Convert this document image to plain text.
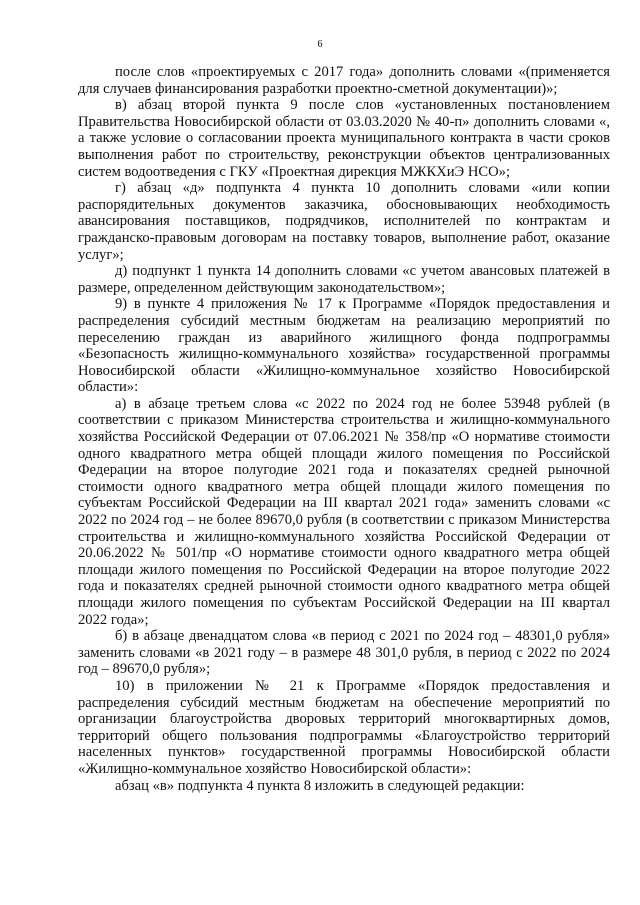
6

после слов «проектируемых с 2017 года» дополнить словами «(применяется для случаев финансирования разработки проектно-сметной документации)»;

в) абзац второй пункта 9 после слов «установленных постановлением Правительства Новосибирской области от 03.03.2020 № 40-п» дополнить словами «, а также условие о согласовании проекта муниципального контракта в части сроков выполнения работ по строительству, реконструкции объектов централизованных систем водоотведения с ГКУ «Проектная дирекция МЖКХиЭ НСО»;

г) абзац «д» подпункта 4 пункта 10 дополнить словами «или копии распорядительных документов заказчика, обосновывающих необходимость авансирования поставщиков, подрядчиков, исполнителей по контрактам и гражданско-правовым договорам на поставку товаров, выполнение работ, оказание услуг»;

д) подпункт 1 пункта 14 дополнить словами «с учетом авансовых платежей в размере, определенном действующим законодательством»;

9) в пункте 4 приложения № 17 к Программе «Порядок предоставления и распределения субсидий местным бюджетам на реализацию мероприятий по переселению граждан из аварийного жилищного фонда подпрограммы «Безопасность жилищно-коммунального хозяйства» государственной программы Новосибирской области «Жилищно-коммунальное хозяйство Новосибирской области»:

а) в абзаце третьем слова «с 2022 по 2024 год не более 53948 рублей (в соответствии с приказом Министерства строительства и жилищно-коммунального хозяйства Российской Федерации от 07.06.2021 № 358/пр «О нормативе стоимости одного квадратного метра общей площади жилого помещения по Российской Федерации на второе полугодие 2021 года и показателях средней рыночной стоимости одного квадратного метра общей площади жилого помещения по субъектам Российской Федерации на III квартал 2021 года» заменить словами «с 2022 по 2024 год – не более 89670,0 рубля (в соответствии с приказом Министерства строительства и жилищно-коммунального хозяйства Российской Федерации от 20.06.2022 № 501/пр «О нормативе стоимости одного квадратного метра общей площади жилого помещения по Российской Федерации на второе полугодие 2022 года и показателях средней рыночной стоимости одного квадратного метра общей площади жилого помещения по субъектам Российской Федерации на III квартал 2022 года»;

б) в абзаце двенадцатом слова «в период с 2021 по 2024 год – 48301,0 рубля» заменить словами «в 2021 году – в размере 48 301,0 рубля, в период с 2022 по 2024 год – 89670,0 рубля»;

10) в приложении № 21 к Программе «Порядок предоставления и распределения субсидий местным бюджетам на обеспечение мероприятий по организации благоустройства дворовых территорий многоквартирных домов, территорий общего пользования подпрограммы «Благоустройство территорий населенных пунктов» государственной программы Новосибирской области «Жилищно-коммунальное хозяйство Новосибирской области»:

абзац «в» подпункта 4 пункта 8 изложить в следующей редакции:
